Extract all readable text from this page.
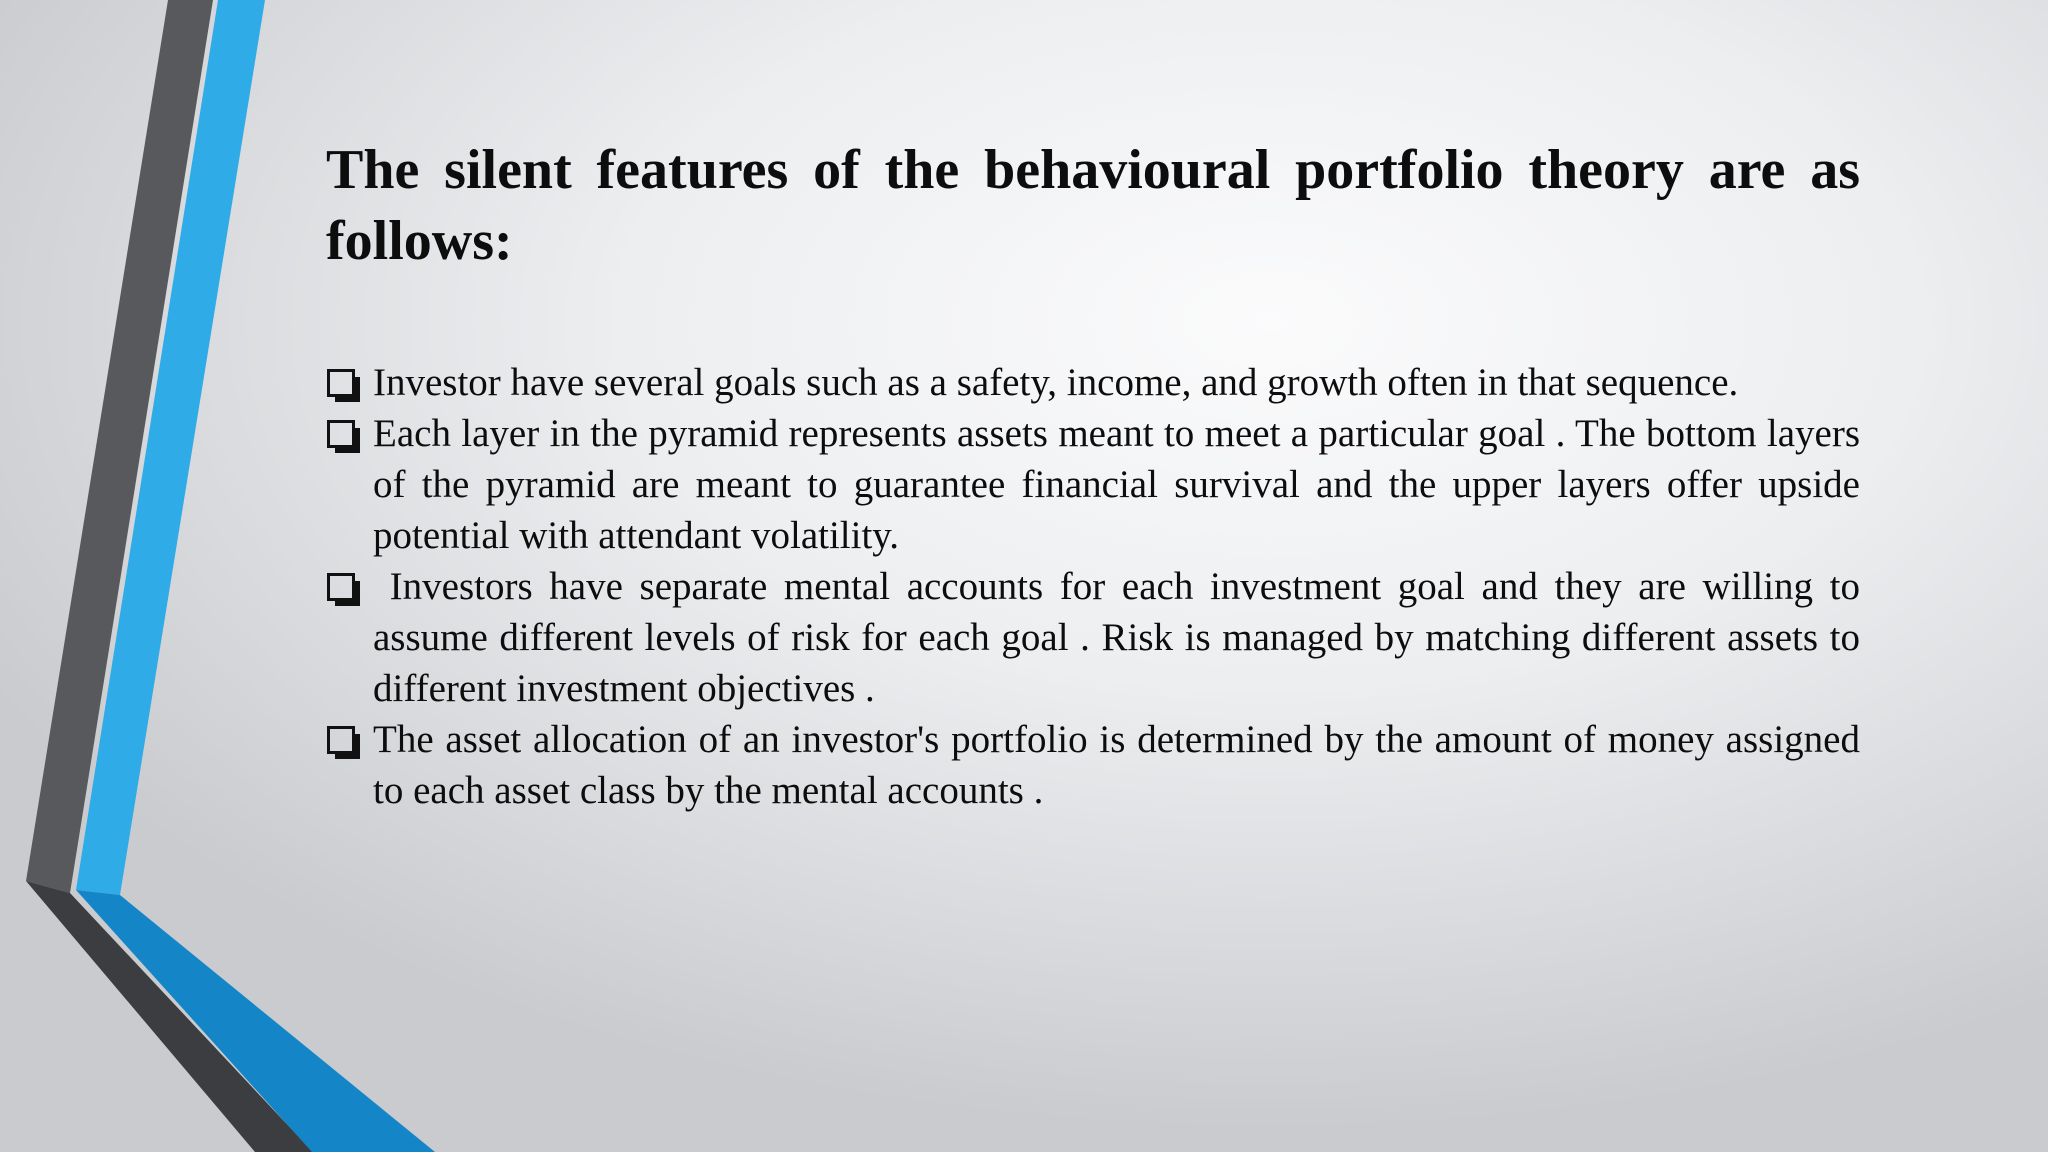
The silent features of the behavioural portfolio theory are as follows:
Investor have several goals such as a safety, income, and growth often in that sequence.
Each layer in the pyramid represents assets meant to meet a particular goal . The bottom layers of the pyramid are meant to guarantee financial survival and the upper layers offer upside potential with attendant volatility.
Investors have separate mental accounts for each investment goal and they are willing to assume different levels of risk for each goal . Risk is managed by matching different assets to different investment objectives .
The asset allocation of an investor's portfolio is determined by the amount of money assigned to each asset class by the mental accounts .
